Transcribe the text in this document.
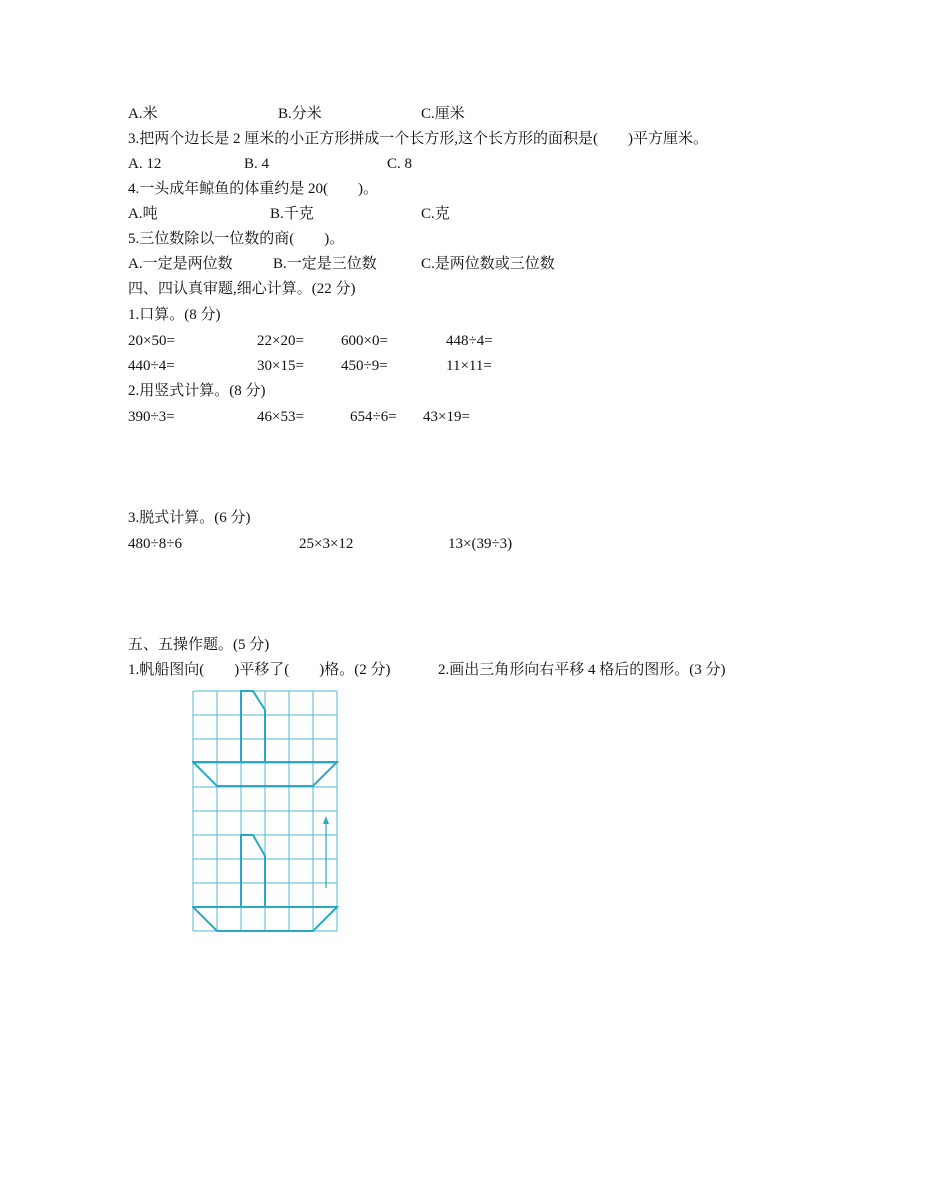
A.米	B.分米	C.厘米
3.把两个边长是 2 厘米的小正方形拼成一个长方形,这个长方形的面积是(　　)平方厘米。
A. 12	B. 4	C. 8
4.一头成年鲸鱼的体重约是 20(　　)。
A.吨	B.千克	C.克
5.三位数除以一位数的商(　　)。
A.一定是两位数	B.一定是三位数	C.是两位数或三位数
四、四认真审题,细心计算。(22 分)
1.口算。(8 分)
20×50=	22×20= 600×0=	448÷4=
440÷4=	30×15= 450÷9=	11×11=
2.用竖式计算。(8 分)
390÷3=	46×53=	654÷6= 43×19=
3.脱式计算。(6 分)
480÷8÷6	25×3×12	13×(39÷3)
五、五操作题。(5 分)
1.帆船图向(　　)平移了(　　)格。(2 分)	2.画出三角形向右平移 4 格后的图形。(3 分)
